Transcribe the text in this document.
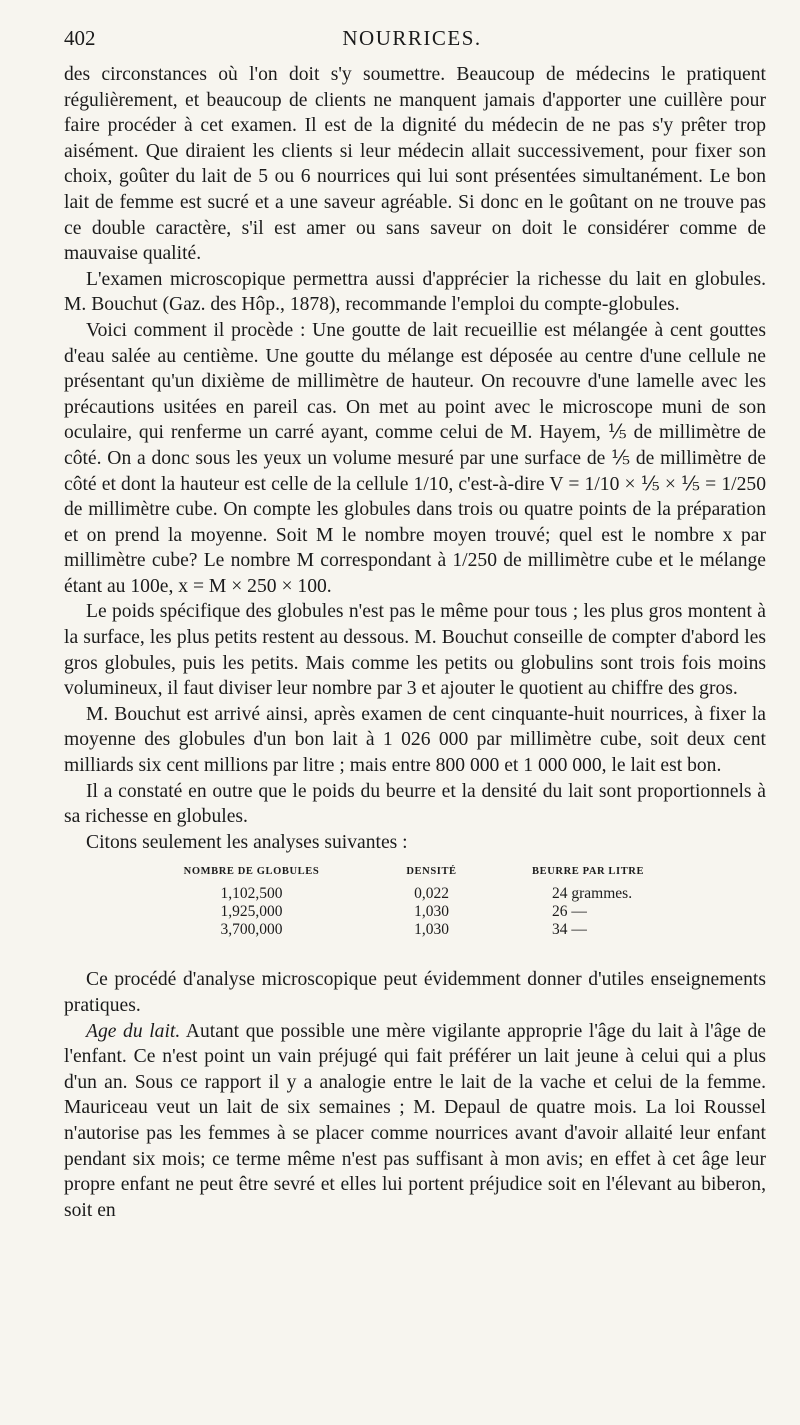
402	NOURRICES.

des circonstances où l'on doit s'y soumettre. Beaucoup de médecins le pratiquent régulièrement, et beaucoup de clients ne manquent jamais d'apporter une cuillère pour faire procéder à cet examen. Il est de la dignité du médecin de ne pas s'y prêter trop aisément. Que diraient les clients si leur médecin allait successivement, pour fixer son choix, goûter du lait de 5 ou 6 nourrices qui lui sont présentées simultanément. Le bon lait de femme est sucré et a une saveur agréable. Si donc en le goûtant on ne trouve pas ce double caractère, s'il est amer ou sans saveur on doit le considérer comme de mauvaise qualité.

L'examen microscopique permettra aussi d'apprécier la richesse du lait en globules. M. Bouchut (Gaz. des Hôp., 1878), recommande l'emploi du compte-globules.

Voici comment il procède : Une goutte de lait recueillie est mélangée à cent gouttes d'eau salée au centième. Une goutte du mélange est déposée au centre d'une cellule ne présentant qu'un dixième de millimètre de hauteur. On recouvre d'une lamelle avec les précautions usitées en pareil cas. On met au point avec le microscope muni de son oculaire, qui renferme un carré ayant, comme celui de M. Hayem, ⅕ de millimètre de côté. On a donc sous les yeux un volume mesuré par une surface de ⅕ de millimètre de côté et dont la hauteur est celle de la cellule 1/10, c'est-à-dire V = 1/10 × ⅕ × ⅕ = 1/250 de millimètre cube. On compte les globules dans trois ou quatre points de la préparation et on prend la moyenne. Soit M le nombre moyen trouvé; quel est le nombre x par millimètre cube? Le nombre M correspondant à 1/250 de millimètre cube et le mélange étant au 100e, x = M × 250 × 100.

Le poids spécifique des globules n'est pas le même pour tous ; les plus gros montent à la surface, les plus petits restent au dessous. M. Bouchut conseille de compter d'abord les gros globules, puis les petits. Mais comme les petits ou globulins sont trois fois moins volumineux, il faut diviser leur nombre par 3 et ajouter le quotient au chiffre des gros.

M. Bouchut est arrivé ainsi, après examen de cent cinquante-huit nourrices, à fixer la moyenne des globules d'un bon lait à 1 026 000 par millimètre cube, soit deux cent milliards six cent millions par litre ; mais entre 800 000 et 1 000 000, le lait est bon.

Il a constaté en outre que le poids du beurre et la densité du lait sont proportionnels à sa richesse en globules.

Citons seulement les analyses suivantes :

NOMBRE DE GLOBULES
1,102,500
1,925,000
3,700,000
DENSITÉ
0,022
1,030
1,030
BEURRE PAR LITRE
24 grammes.
26 —
34 —

Ce procédé d'analyse microscopique peut évidemment donner d'utiles enseignements pratiques.

Age du lait. Autant que possible une mère vigilante approprie l'âge du lait à l'âge de l'enfant. Ce n'est point un vain préjugé qui fait préférer un lait jeune à celui qui a plus d'un an. Sous ce rapport il y a analogie entre le lait de la vache et celui de la femme. Mauriceau veut un lait de six semaines ; M. Depaul de quatre mois. La loi Roussel n'autorise pas les femmes à se placer comme nourrices avant d'avoir allaité leur enfant pendant six mois; ce terme même n'est pas suffisant à mon avis; en effet à cet âge leur propre enfant ne peut être sevré et elles lui portent préjudice soit en l'élevant au biberon, soit en
